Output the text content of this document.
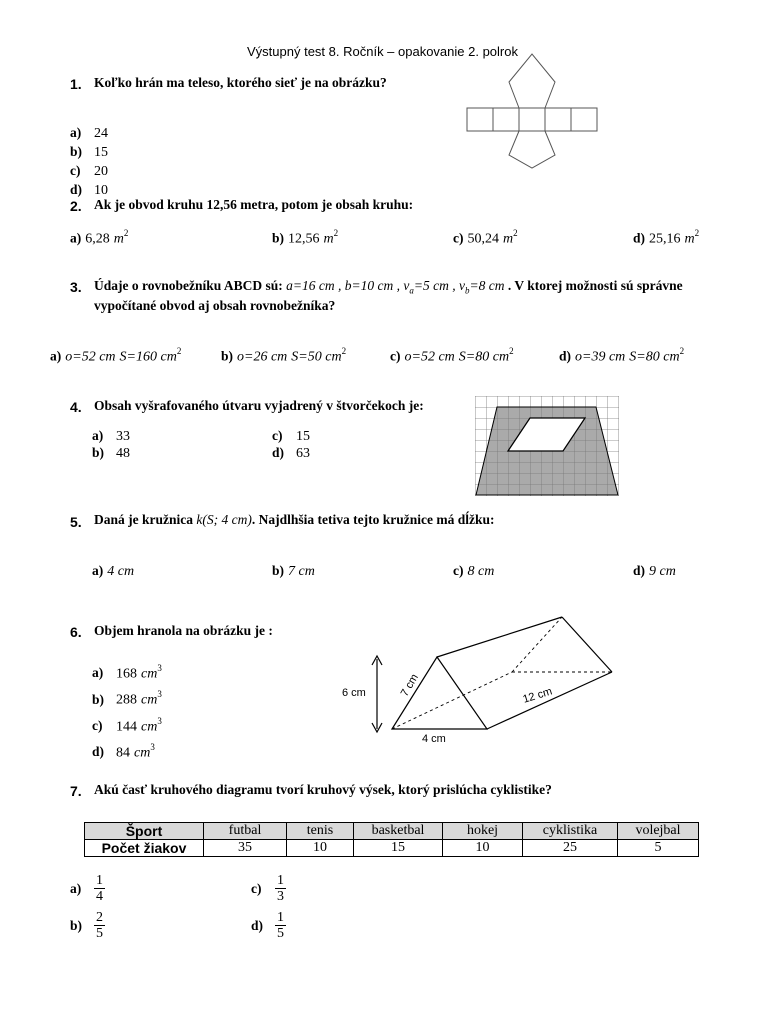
Výstupný test 8. Ročník – opakovanie 2. polrok
1. Koľko hrán ma teleso, ktorého sieť je na obrázku?
a) 24
b) 15
c) 20
d) 10
2. Ak je obvod kruhu 12,56 metra, potom je obsah kruhu:
a) 6,28 $m^2$	b) 12,56 $m^2$	c) 50,24 $m^2$	d) 25,16 $m^2$
3. Údaje o rovnobežníku ABCD sú: a=16 cm , b=10 cm , $v_a=5$ cm , $v_b=8$ cm . V ktorej možnosti sú správne
vypočítané obvod aj obsah rovnobežníka?
a) o=52 cm S=160 $cm^2$	b) o=26 cm S=50 $cm^2$	c) o=52 cm S=80 $cm^2$	d) o=39 cm S=80 $cm^2$
4. Obsah vyšrafovaného útvaru vyjadrený v štvorčekoch je:
a) 33
b) 48
c) 15
d) 63
5. Daná je kružnica k(S; 4 cm). Najdlhšia tetiva tejto kružnice má dĺžku:
a) 4 cm	b) 7 cm	c) 8 cm	d) 9 cm
6. Objem hranola na obrázku je :
a) 168 $cm^3$
b) 288 $cm^3$
c) 144 $cm^3$
d) 84 $cm^3$
6 cm	7 cm	12 cm
4 cm
7. Akú časť kruhového diagramu tvorí kruhový výsek, ktorý prislúcha cyklistike?
Šport	futbal	tenis	basketbal	hokej	cyklistika	volejbal
Počet žiakov	35	10	15	10	25	5
$a) \frac{1}{4}$
$b) \frac{2}{5}$
$c) \frac{1}{3}$
$d) \frac{1}{5}$
